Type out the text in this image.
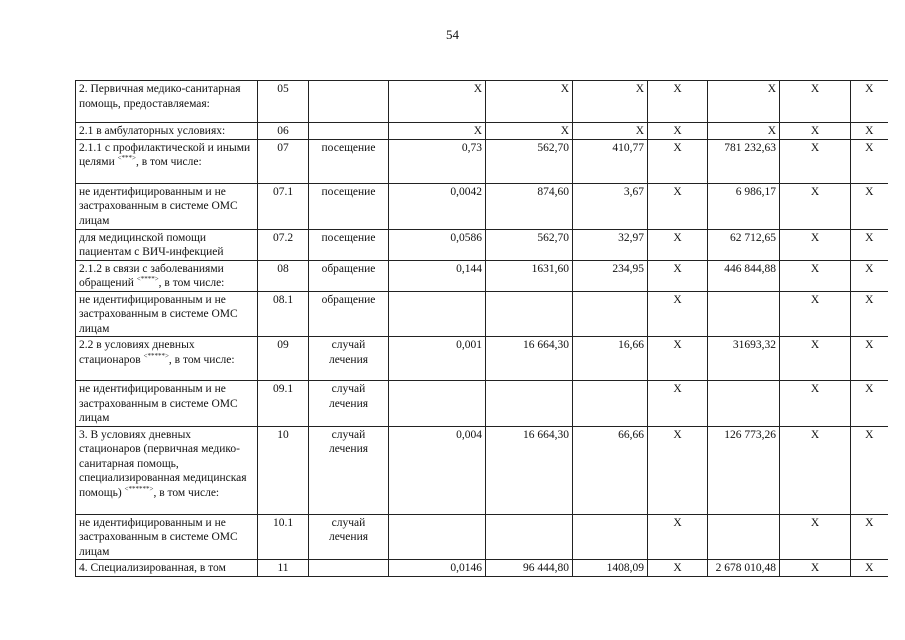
54
2. Первичная медико-санитарная помощь, предоставляемая:	05		X	X	X	X	X	X	X
2.1 в амбулаторных условиях:	06		X	X	X	X	X	X	X
2.1.1 с профилактической и иными целями <***>, в том числе:	07	посещение	0,73	562,70	410,77	X	781 232,63	X	X
не идентифицированным и не застрахованным в системе ОМС лицам	07.1	посещение	0,0042	874,60	3,67	X	6 986,17	X	X
для медицинской помощи пациентам с ВИЧ-инфекцией	07.2	посещение	0,0586	562,70	32,97	X	62 712,65	X	X
2.1.2 в связи с заболеваниями обращений <****>, в том числе:	08	обращение	0,144	1631,60	234,95	X	446 844,88	X	X
не идентифицированным и не застрахованным в системе ОМС лицам	08.1	обращение				X		X	X
2.2 в условиях дневных стационаров <*****>, в том числе:	09	случай лечения	0,001	16 664,30	16,66	X	31693,32	X	X
не идентифицированным и не застрахованным в системе ОМС лицам	09.1	случай лечения				X		X	X
3. В условиях дневных стационаров (первичная медико-санитарная помощь, специализированная медицинская помощь) <******>, в том числе:	10	случай лечения	0,004	16 664,30	66,66	X	126 773,26	X	X
не идентифицированным и не застрахованным в системе ОМС лицам	10.1	случай лечения				X		X	X
4. Специализированная, в том	11		0,0146	96 444,80	1408,09	X	2 678 010,48	X	X
